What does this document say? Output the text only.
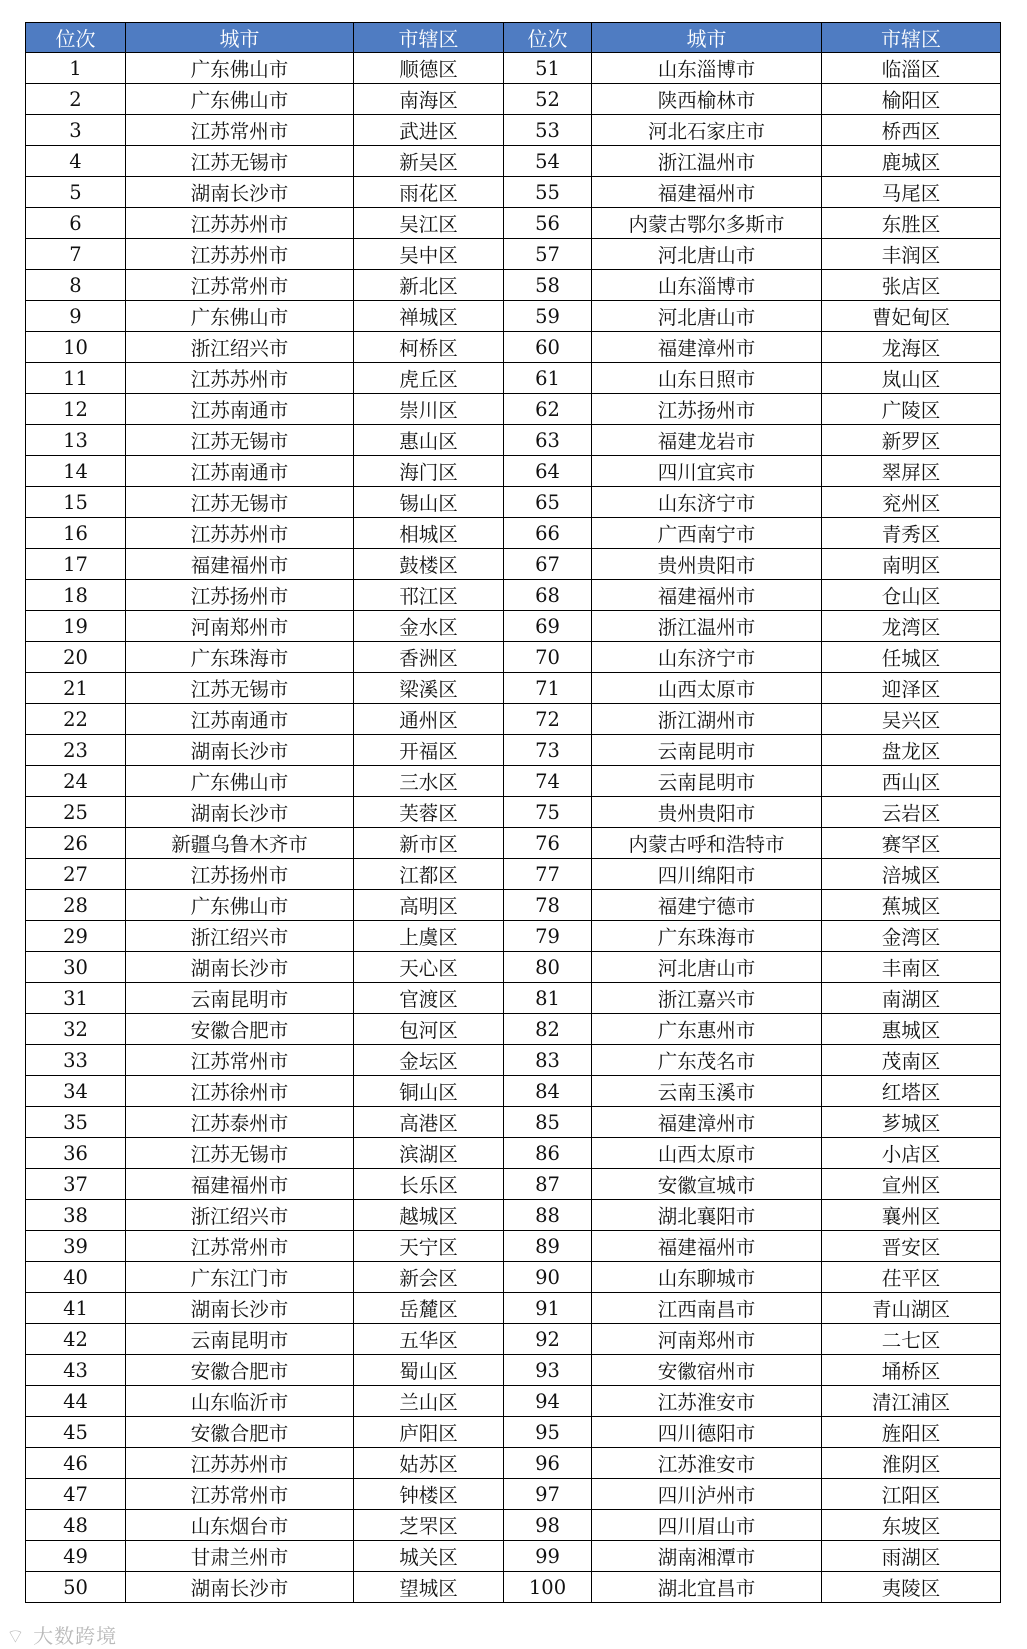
位次	城市	市辖区	位次	城市	市辖区
1	广东佛山市	顺德区	51	山东淄博市	临淄区
2	广东佛山市	南海区	52	陕西榆林市	榆阳区
3	江苏常州市	武进区	53	河北石家庄市	桥西区
4	江苏无锡市	新吴区	54	浙江温州市	鹿城区
5	湖南长沙市	雨花区	55	福建福州市	马尾区
6	江苏苏州市	吴江区	56	内蒙古鄂尔多斯市	东胜区
7	江苏苏州市	吴中区	57	河北唐山市	丰润区
8	江苏常州市	新北区	58	山东淄博市	张店区
9	广东佛山市	禅城区	59	河北唐山市	曹妃甸区
10	浙江绍兴市	柯桥区	60	福建漳州市	龙海区
11	江苏苏州市	虎丘区	61	山东日照市	岚山区
12	江苏南通市	崇川区	62	江苏扬州市	广陵区
13	江苏无锡市	惠山区	63	福建龙岩市	新罗区
14	江苏南通市	海门区	64	四川宜宾市	翠屏区
15	江苏无锡市	锡山区	65	山东济宁市	兖州区
16	江苏苏州市	相城区	66	广西南宁市	青秀区
17	福建福州市	鼓楼区	67	贵州贵阳市	南明区
18	江苏扬州市	邗江区	68	福建福州市	仓山区
19	河南郑州市	金水区	69	浙江温州市	龙湾区
20	广东珠海市	香洲区	70	山东济宁市	任城区
21	江苏无锡市	梁溪区	71	山西太原市	迎泽区
22	江苏南通市	通州区	72	浙江湖州市	吴兴区
23	湖南长沙市	开福区	73	云南昆明市	盘龙区
24	广东佛山市	三水区	74	云南昆明市	西山区
25	湖南长沙市	芙蓉区	75	贵州贵阳市	云岩区
26	新疆乌鲁木齐市	新市区	76	内蒙古呼和浩特市	赛罕区
27	江苏扬州市	江都区	77	四川绵阳市	涪城区
28	广东佛山市	高明区	78	福建宁德市	蕉城区
29	浙江绍兴市	上虞区	79	广东珠海市	金湾区
30	湖南长沙市	天心区	80	河北唐山市	丰南区
31	云南昆明市	官渡区	81	浙江嘉兴市	南湖区
32	安徽合肥市	包河区	82	广东惠州市	惠城区
33	江苏常州市	金坛区	83	广东茂名市	茂南区
34	江苏徐州市	铜山区	84	云南玉溪市	红塔区
35	江苏泰州市	高港区	85	福建漳州市	芗城区
36	江苏无锡市	滨湖区	86	山西太原市	小店区
37	福建福州市	长乐区	87	安徽宣城市	宣州区
38	浙江绍兴市	越城区	88	湖北襄阳市	襄州区
39	江苏常州市	天宁区	89	福建福州市	晋安区
40	广东江门市	新会区	90	山东聊城市	茌平区
41	湖南长沙市	岳麓区	91	江西南昌市	青山湖区
42	云南昆明市	五华区	92	河南郑州市	二七区
43	安徽合肥市	蜀山区	93	安徽宿州市	埇桥区
44	山东临沂市	兰山区	94	江苏淮安市	清江浦区
45	安徽合肥市	庐阳区	95	四川德阳市	旌阳区
46	江苏苏州市	姑苏区	96	江苏淮安市	淮阴区
47	江苏常州市	钟楼区	97	四川泸州市	江阳区
48	山东烟台市	芝罘区	98	四川眉山市	东坡区
49	甘肃兰州市	城关区	99	湖南湘潭市	雨湖区
50	湖南长沙市	望城区	100	湖北宜昌市	夷陵区
⌔ 大数跨境
